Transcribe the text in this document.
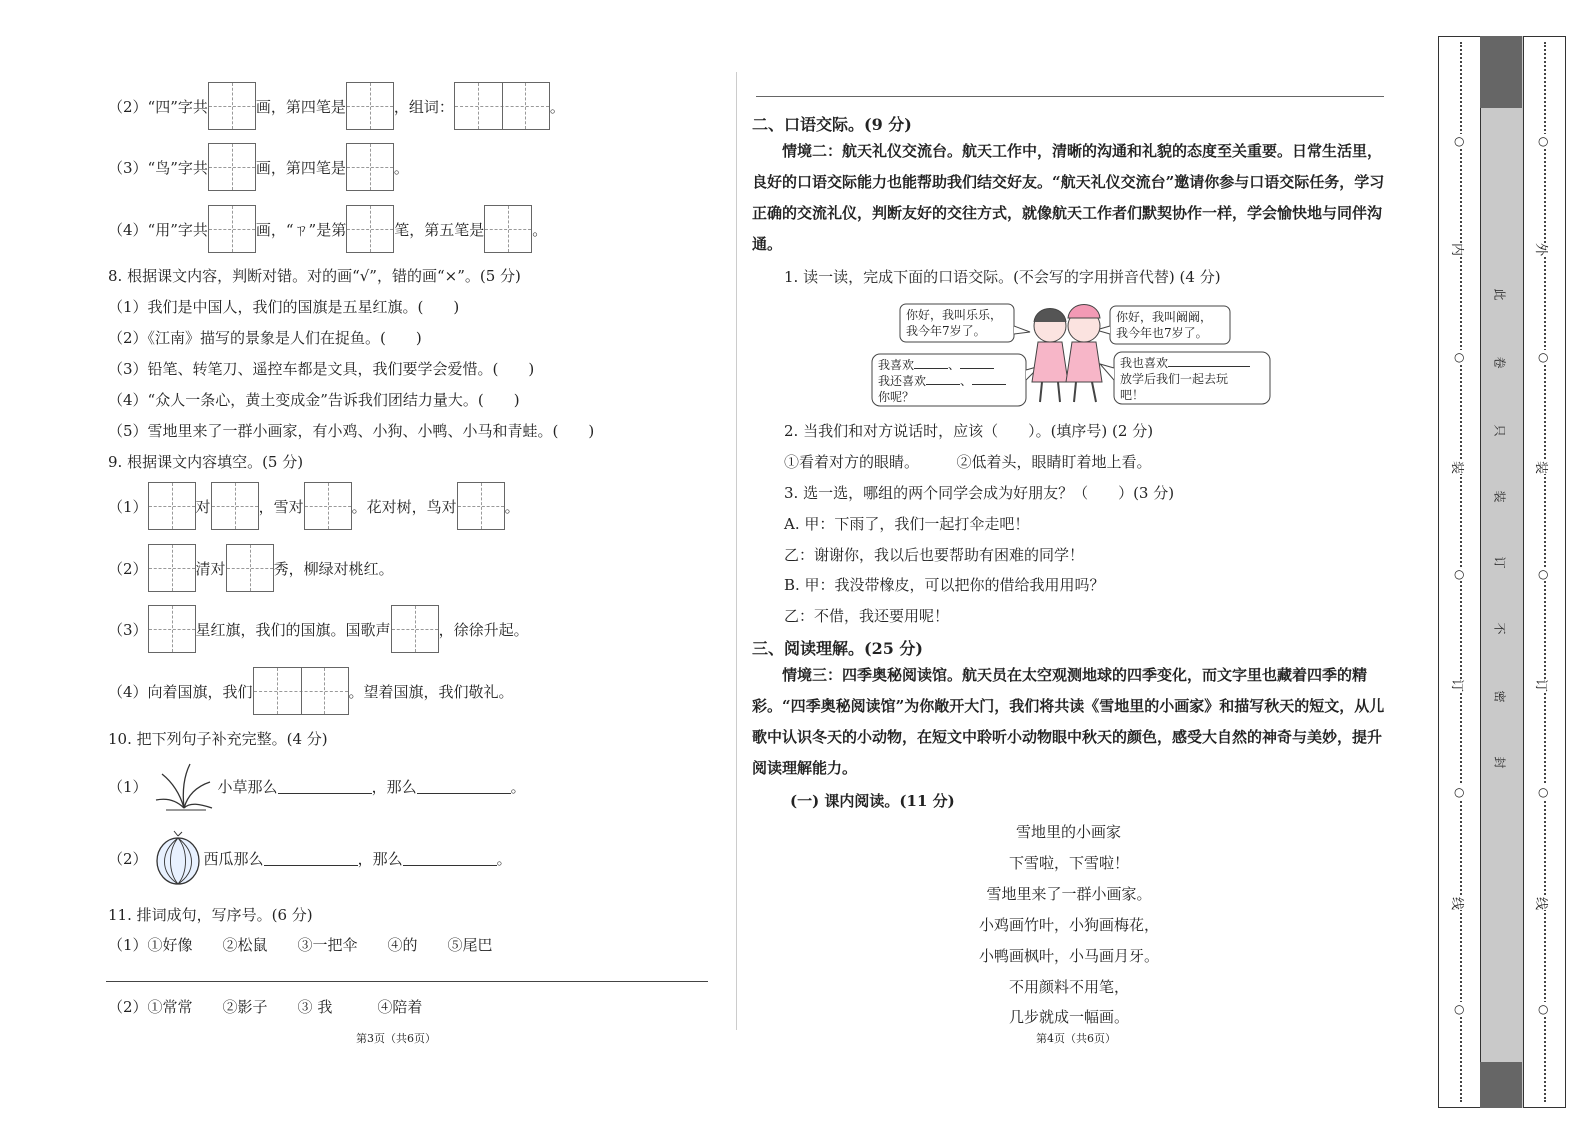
（2）“四”字共	画，第四笔是	，组词：	。
（3）“鸟”字共	画，第四笔是	。
（4）“用”字共	画，“ㄗ”是第	笔，第五笔是	。
8. 根据课文内容，判断对错。对的画“√”，错的画“×”。(5 分)
（1）我们是中国人，我们的国旗是五星红旗。(　　)
（2）《江南》描写的景象是人们在捉鱼。(　　)
（3）铅笔、转笔刀、遥控车都是文具，我们要学会爱惜。(　　)
（4）“众人一条心，黄土变成金”告诉我们团结力量大。(　　)
（5）雪地里来了一群小画家，有小鸡、小狗、小鸭、小马和青蛙。(　　)
9. 根据课文内容填空。(5 分)
（1）	对	，雪对	。花对树，鸟对	。
（2）	清对	秀，柳绿对桃红。
（3）	星红旗，我们的国旗。国歌声	，徐徐升起。
（4）向着国旗，我们	。望着国旗，我们敬礼。
10. 把下列句子补充完整。(4 分)
（1）	小草那么	，那么	。
（2）	西瓜那么	，那么	。
11. 排词成句，写序号。(6 分)
（1）①好像　　②松鼠　　③一把伞　　④的　　⑤尾巴
（2）①常常　　②影子　　③ 我　　　④陪着
第3页（共6页）
二、口语交际。(9 分)
情境二：航天礼仪交流台。航天工作中，清晰的沟通和礼貌的态度至关重要。日常生活里，良好的口语交际能力也能帮助我们结交好友。“航天礼仪交流台”邀请你参与口语交际任务，学习正确的交流礼仪，判断友好的交往方式，就像航天工作者们默契协作一样，学会愉快地与同伴沟通。
1. 读一读，完成下面的口语交际。(不会写的字用拼音代替) (4 分)
你好，我叫乐乐，
我今年7岁了。
你好，我叫阚阚，
我今年也7岁了。
我喜欢	、
我还喜欢	、
你呢？
我也喜欢
放学后我们一起去玩
吧！
2. 当我们和对方说话时，应该（　　）。(填序号) (2 分)
①看着对方的眼睛。　　　②低着头，眼睛盯着地上看。
3. 选一选，哪组的两个同学会成为好朋友？（　　）(3 分)
A. 甲：下雨了，我们一起打伞走吧！
乙：谢谢你，我以后也要帮助有困难的同学！
B. 甲：我没带橡皮，可以把你的借给我用用吗？
乙：不借，我还要用呢！
三、阅读理解。(25 分)
情境三：四季奥秘阅读馆。航天员在太空观测地球的四季变化，而文字里也藏着四季的精彩。“四季奥秘阅读馆”为你敞开大门，我们将共读《雪地里的小画家》和描写秋天的短文，从儿歌中认识冬天的小动物，在短文中聆听小动物眼中秋天的颜色，感受大自然的神奇与美妙，提升阅读理解能力。
(一) 课内阅读。(11 分)
雪地里的小画家
下雪啦，下雪啦！
雪地里来了一群小画家。
小鸡画竹叶，小狗画梅花，
小鸭画枫叶，小马画月牙。
不用颜料不用笔，
几步就成一幅画。
第4页（共6页）
○
○
○
○
○
○
○
○
○
○
内
装
订
线
外
装
订
线
此
卷
只
装
订
不
密
封
